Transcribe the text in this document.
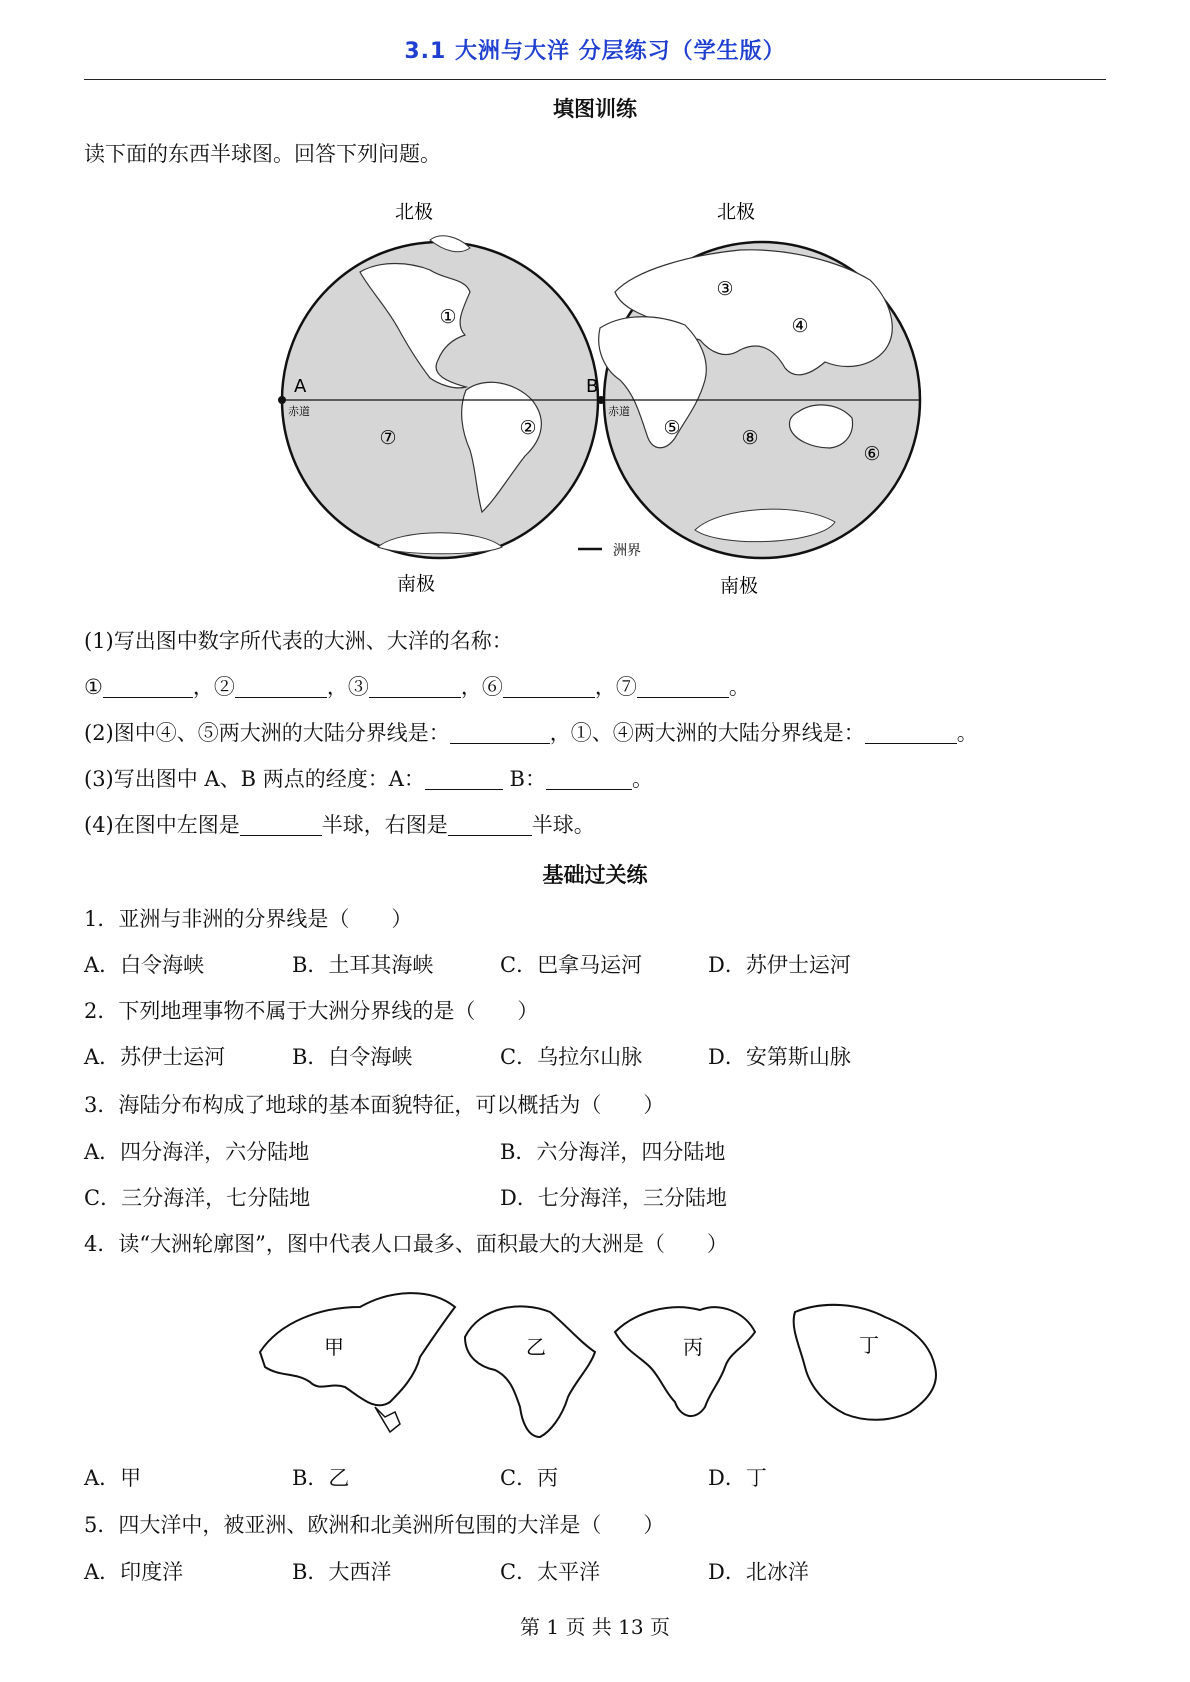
3.1 大洲与大洋 分层练习（学生版）
填图训练
读下面的东西半球图。回答下列问题。
北极	北极
南极	南极
A	B
赤道	赤道
①
②
③
④
⑤
⑥
⑦	⑧
洲界
(1)写出图中数字所代表的大洲、大洋的名称：
①	，②	，③	，⑥	，⑦	。
(2)图中④、⑤两大洲的大陆分界线是：	，①、④两大洲的大陆分界线是：	。
(3)写出图中 A、B 两点的经度：A：	B：	。
(4)在图中左图是	半球，右图是	半球。
基础过关练
1．亚洲与非洲的分界线是（　　）
A．白令海峡	B．土耳其海峡	C．巴拿马运河	D．苏伊士运河
2．下列地理事物不属于大洲分界线的是（　　）
A．苏伊士运河	B．白令海峡	C．乌拉尔山脉	D．安第斯山脉
3．海陆分布构成了地球的基本面貌特征，可以概括为（　　）
A．四分海洋，六分陆地	B．六分海洋，四分陆地
C．三分海洋，七分陆地	D．七分海洋，三分陆地
4．读“大洲轮廓图”，图中代表人口最多、面积最大的大洲是（　　）
甲	乙	丙	丁
A．甲	B．乙	C．丙	D．丁
5．四大洋中，被亚洲、欧洲和北美洲所包围的大洋是（　　）
A．印度洋	B．大西洋	C．太平洋	D．北冰洋
第 1 页 共 13 页
